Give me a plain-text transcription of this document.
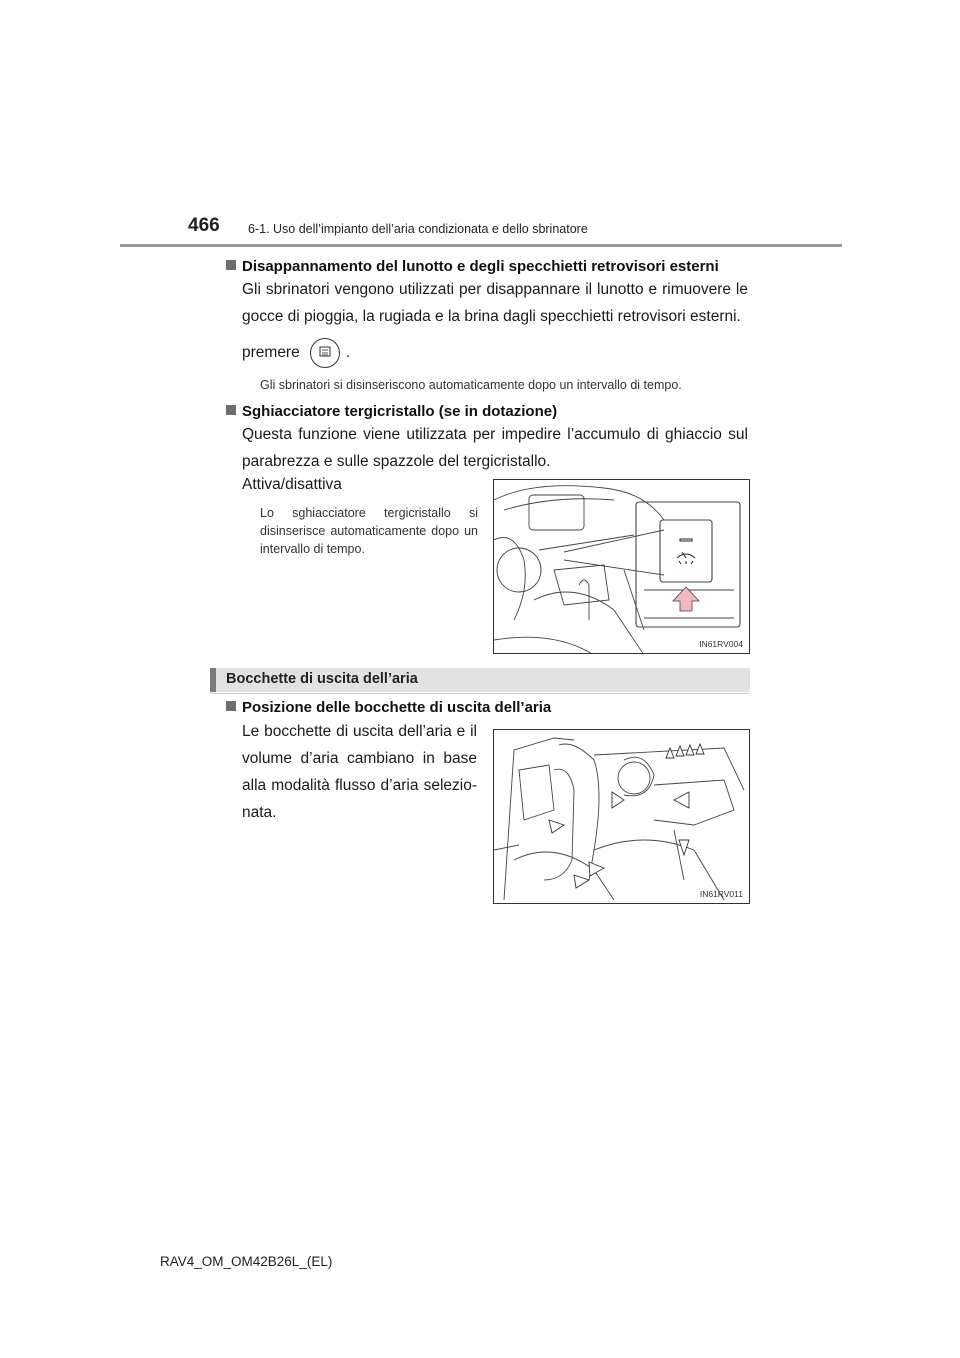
466 6-1. Uso dell’impianto dell’aria condizionata e dello sbrinatore
Disappannamento del lunotto e degli specchietti retrovisori esterni
Gli sbrinatori vengono utilizzati per disappannare il lunotto e rimuovere le gocce di pioggia, la rugiada e la brina dagli specchietti retrovisori esterni.
premere	.
Gli sbrinatori si disinseriscono automaticamente dopo un intervallo di tempo.
Sghiacciatore tergicristallo (se in dotazione)
Questa funzione viene utilizzata per impedire l’accumulo di ghiaccio sul parabrezza e sulle spazzole del tergicristallo.
Attiva/disattiva
Lo sghiacciatore tergicristallo si disinserisce automaticamente dopo un intervallo di tempo.
IN61RV004
Bocchette di uscita dell’aria
Posizione delle bocchette di uscita dell’aria
Le bocchette di uscita dell’aria e il volume d’aria cambiano in base alla modalità flusso d’aria selezio-nata.
IN61RV011
RAV4_OM_OM42B26L_(EL)
